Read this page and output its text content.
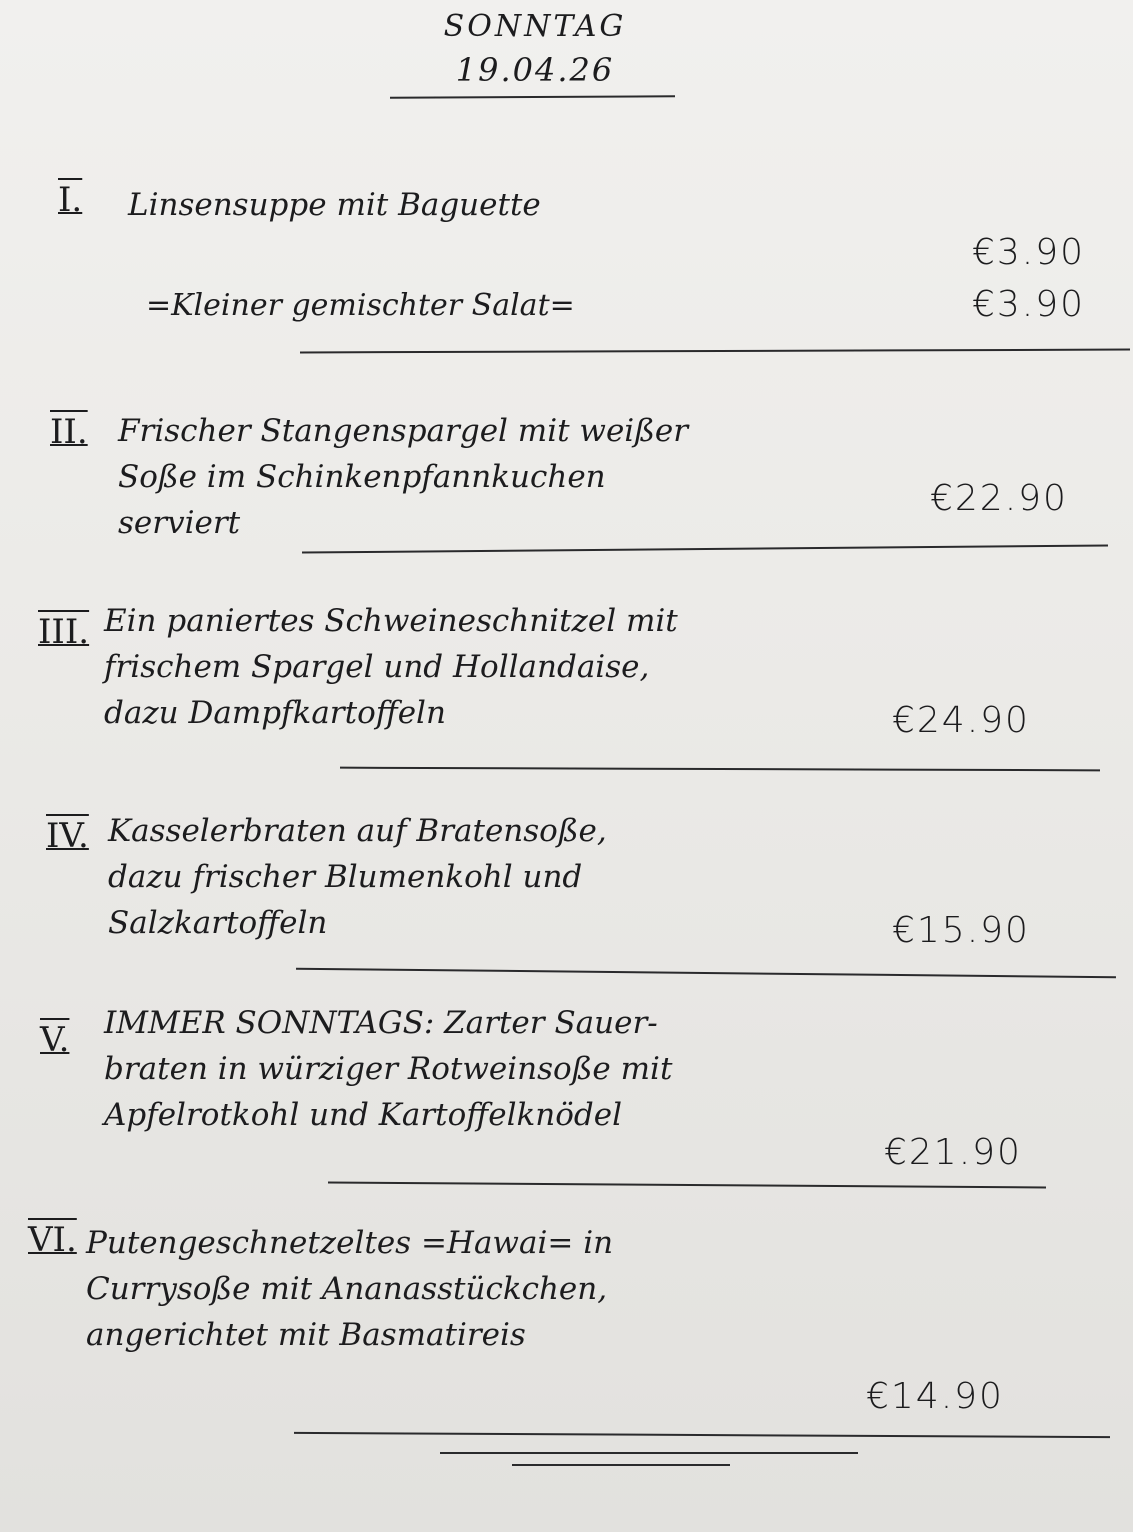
SONNTAG
19.04.26
I. Linsensuppe mit Baguette
€3.90
=Kleiner gemischter Salat=	€3.90
II. Frischer Stangenspargel mit weißer
Soße im Schinkenpfannkuchen
serviert
€22.90
III. Ein paniertes Schweineschnitzel mit
frischem Spargel und Hollandaise,
dazu Dampfkartoffeln	€24.90
IV. Kasselerbraten auf Bratensoße,
dazu frischer Blumenkohl und
Salzkartoffeln	€15.90
V. IMMER SONNTAGS: Zarter Sauer-
braten in würziger Rotweinsoße mit
Apfelrotkohl und Kartoffelknödel
€21.90
VI. Putengeschnetzeltes =Hawai= in
Currysoße mit Ananasstückchen,
angerichtet mit Basmatireis
€14.90
